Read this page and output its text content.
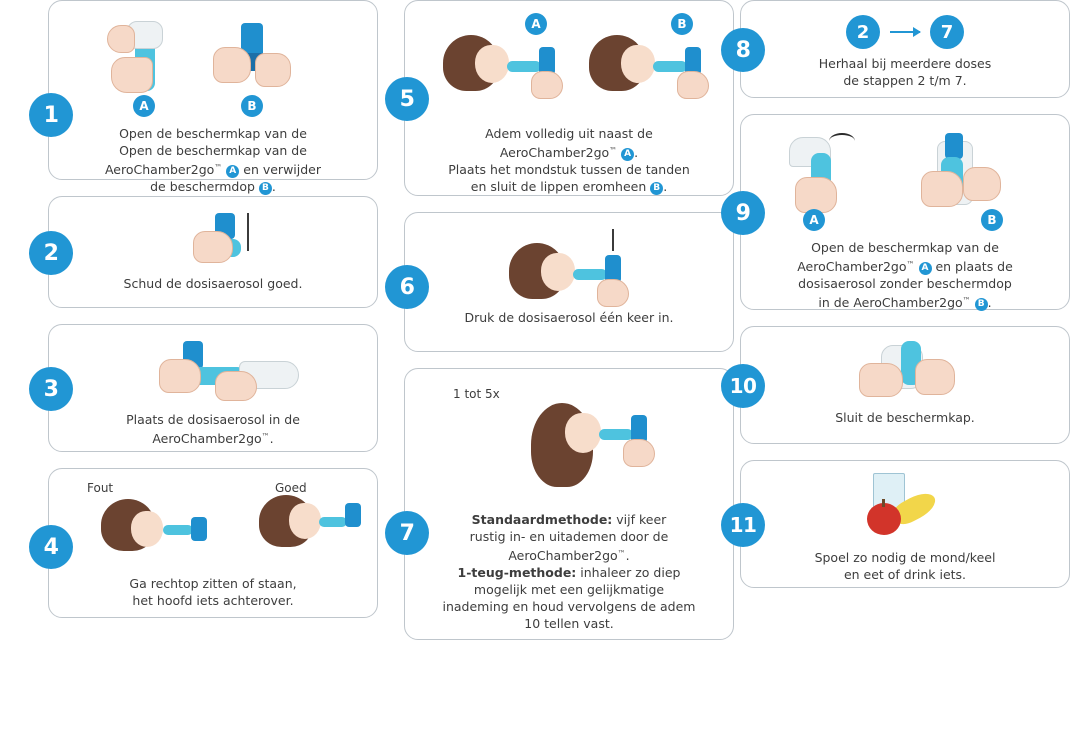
1	A	B
Open de beschermkap van de
Open de beschermkap van de
AeroChamber2go™ A en verwijder
de beschermdop B .
2
Schud de dosisaerosol goed.
3
Plaats de dosisaerosol in de
AeroChamber2go™.
4
Fout	Goed
Ga rechtop zitten of staan,
het hoofd iets achterover.
5
A	B
Adem volledig uit naast de
AeroChamber2go™ A .
Plaats het mondstuk tussen de tanden
en sluit de lippen eromheen B .
6
Druk de dosisaerosol één keer in.
7
1 tot 5x
Standaardmethode: vijf keer
rustig in- en uitademen door de
AeroChamber2go™.
1-teug-methode: inhaleer zo diep
mogelijk met een gelijkmatige
inademing en houd vervolgens de adem
10 tellen vast.
8
2	7
Herhaal bij meerdere doses
de stappen 2 t/m 7.
A	B
9
Open de beschermkap van de
AeroChamber2go™ A en plaats de
dosisaerosol zonder beschermdop
in de AeroChamber2go™ B .
10
Sluit de beschermkap.
11
Spoel zo nodig de mond/keel
en eet of drink iets.
